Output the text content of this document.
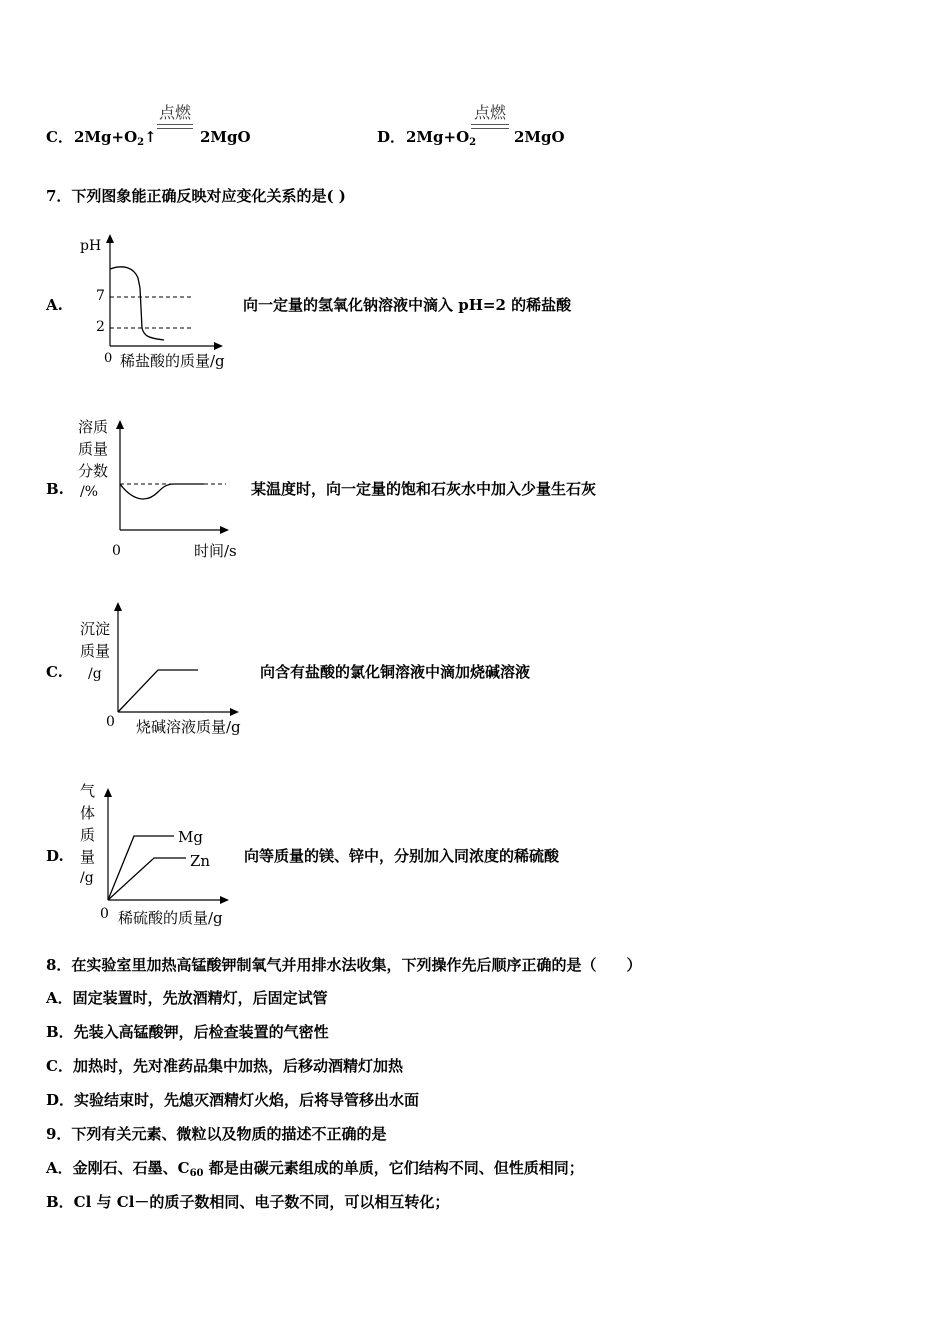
C． $2Mg+O_2↑$
点燃
2MgO	D． $2Mg+O_2$
点燃
2MgO
7．下列图象能正确反映对应变化关系的是( )
A.
pH
7
2
0 稀盐酸的质量/g
向一定量的氢氧化钠溶液中滴入 pH=2 的稀盐酸
B.
溶质
质量
分数
/%
0	时间/s
某温度时，向一定量的饱和石灰水中加入少量生石灰
C.
沉淀
质量
/g
0 烧碱溶液质量/g
向含有盐酸的氯化铜溶液中滴加烧碱溶液
D.
气
体
质
量
/g
Mg
Zn
0 稀硫酸的质量/g
向等质量的镁、锌中，分别加入同浓度的稀硫酸
8．在实验室里加热高锰酸钾制氧气并用排水法收集，下列操作先后顺序正确的是（　　）
A．固定装置时，先放酒精灯，后固定试管
B．先装入高锰酸钾，后检查装置的气密性
C．加热时，先对准药品集中加热，后移动酒精灯加热
D．实验结束时，先熄灭酒精灯火焰，后将导管移出水面
9．下列有关元素、微粒以及物质的描述不正确的是
A．金刚石、石墨、$C_{60}$ 都是由碳元素组成的单质，它们结构不同、但性质相同；
B．Cl 与 Cl－的质子数相同、电子数不同，可以相互转化；
